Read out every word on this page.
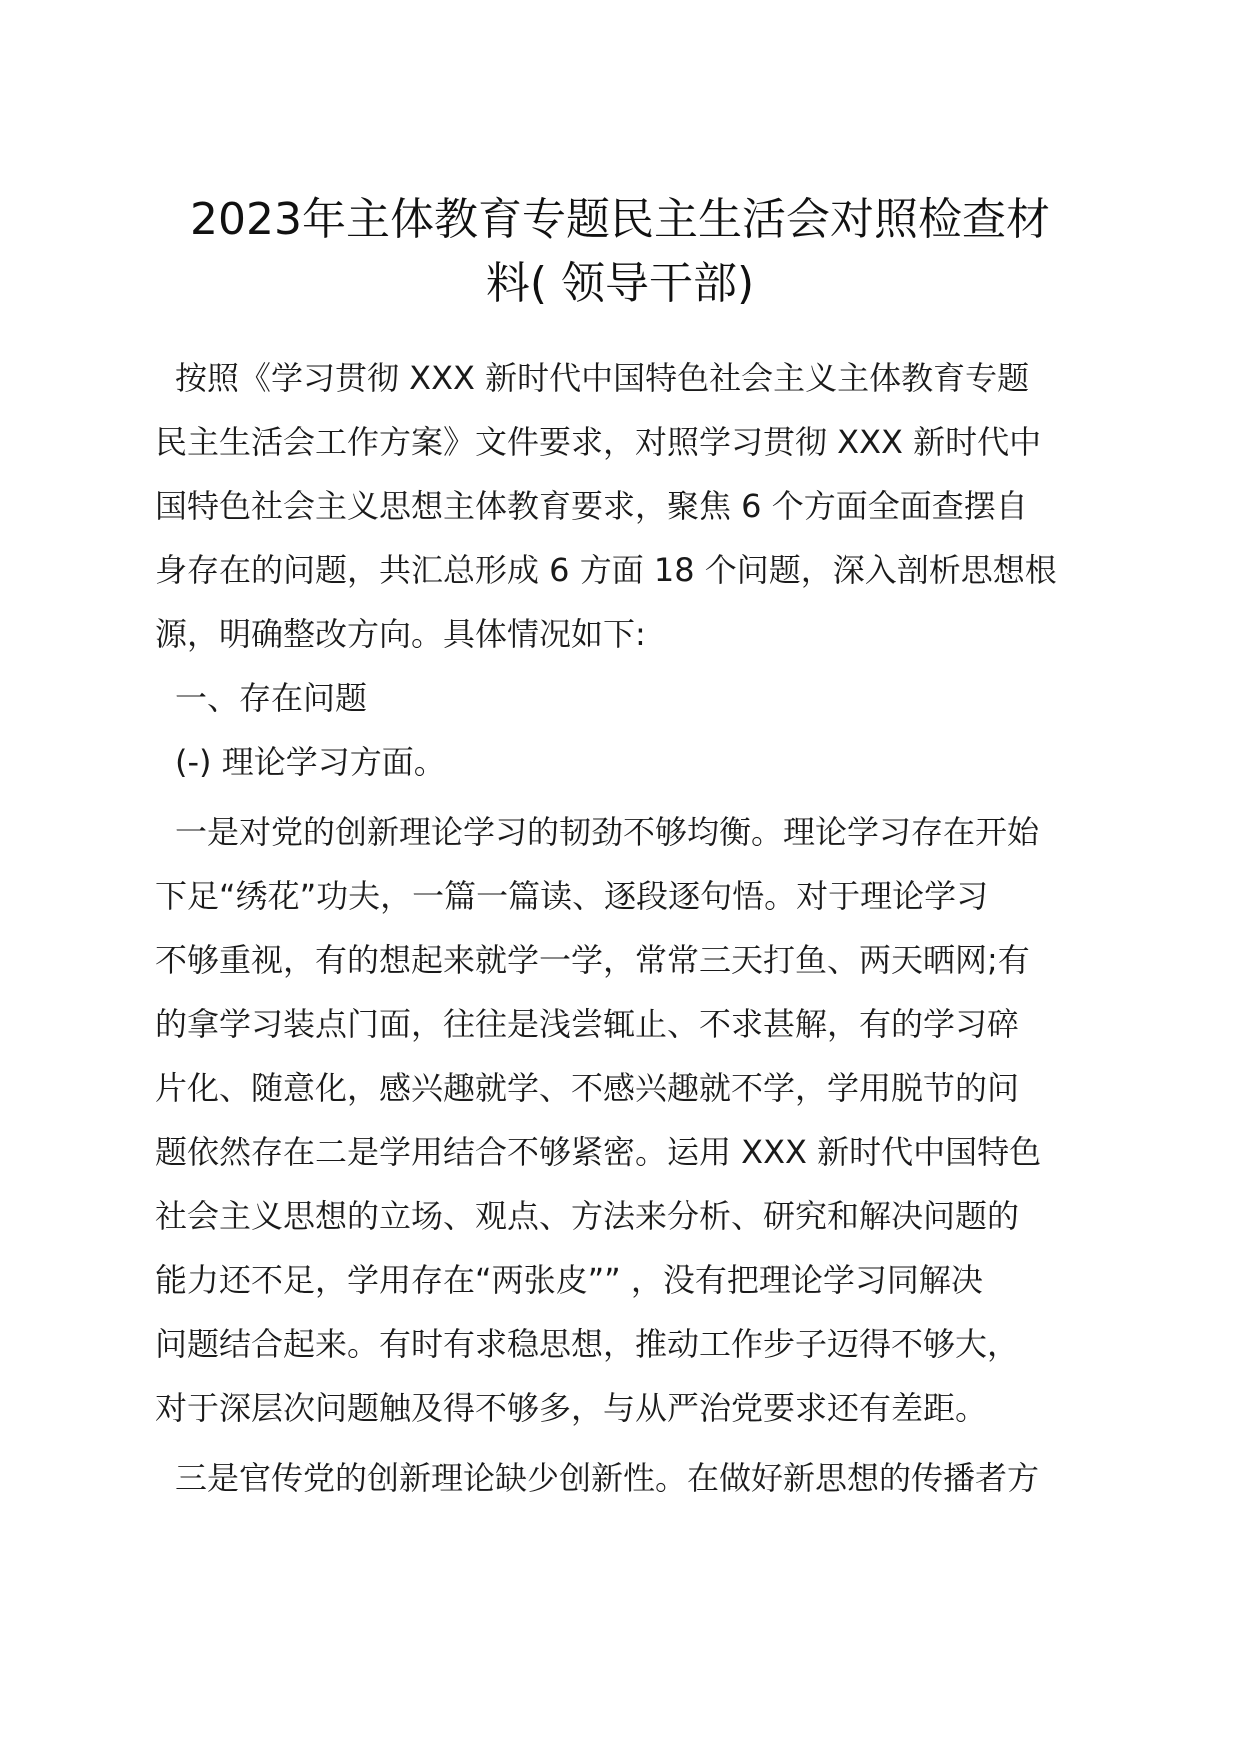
2023年主体教育专题民主生活会对照检查材
料( 领导干部)
按照《学习贯彻 XXX 新时代中国特色社会主义主体教育专题
民主生活会工作方案》文件要求，对照学习贯彻 XXX 新时代中
国特色社会主义思想主体教育要求，聚焦 6 个方面全面查摆自
身存在的问题，共汇总形成 6 方面 18 个问题，深入剖析思想根
源，明确整改方向。具体情况如下:
一、存在问题
(-) 理论学习方面。
一是对党的创新理论学习的韧劲不够均衡。理论学习存在开始
下足“绣花”功夫，一篇一篇读、逐段逐句悟。对于理论学习
不够重视，有的想起来就学一学，常常三天打鱼、两天晒网;有
的拿学习装点门面，往往是浅尝辄止、不求甚解，有的学习碎
片化、随意化，感兴趣就学、不感兴趣就不学，学用脱节的问
题依然存在二是学用结合不够紧密。运用 XXX 新时代中国特色
社会主义思想的立场、观点、方法来分析、研究和解决问题的
能力还不足，学用存在“两张皮”” ，没有把理论学习同解决
问题结合起来。有时有求稳思想，推动工作步子迈得不够大，
对于深层次问题触及得不够多，与从严治党要求还有差距。
三是官传党的创新理论缺少创新性。在做好新思想的传播者方
